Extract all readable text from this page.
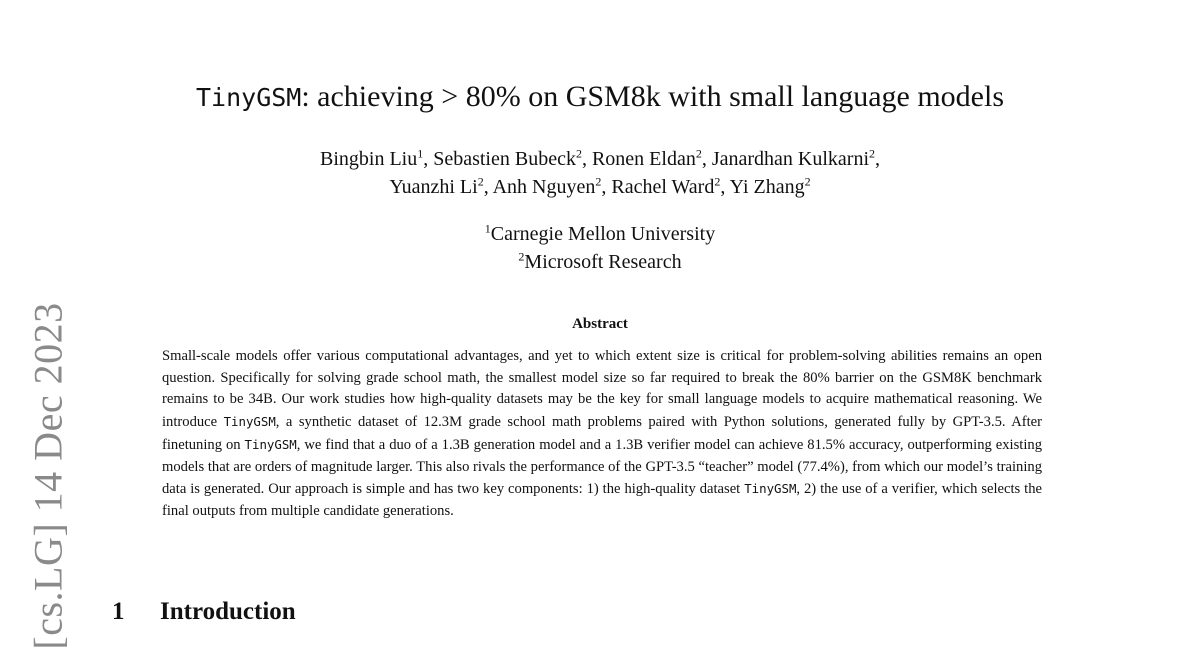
[cs.LG] 14 Dec 2023
TinyGSM: achieving > 80% on GSM8k with small language models
Bingbin Liu$^1$, Sebastien Bubeck$^2$, Ronen Eldan$^2$, Janardhan Kulkarni$^2$,
Yuanzhi Li$^2$, Anh Nguyen$^2$, Rachel Ward$^2$, Yi Zhang$^2$
$^1$Carnegie Mellon University
$^2$Microsoft Research
Abstract
Small-scale models offer various computational advantages, and yet to which extent size is critical for problem-solving abilities remains an open question. Specifically for solving grade school math, the smallest model size so far required to break the 80% barrier on the GSM8K benchmark remains to be 34B. Our work studies how high-quality datasets may be the key for small language models to acquire mathematical reasoning. We introduce TinyGSM, a synthetic dataset of 12.3M grade school math problems paired with Python solutions, generated fully by GPT-3.5. After finetuning on TinyGSM, we find that a duo of a 1.3B generation model and a 1.3B verifier model can achieve 81.5% accuracy, outperforming existing models that are orders of magnitude larger. This also rivals the performance of the GPT-3.5 “teacher” model (77.4%), from which our model’s training data is generated. Our approach is simple and has two key components: 1) the high-quality dataset TinyGSM, 2) the use of a verifier, which selects the final outputs from multiple candidate generations.
1 Introduction
